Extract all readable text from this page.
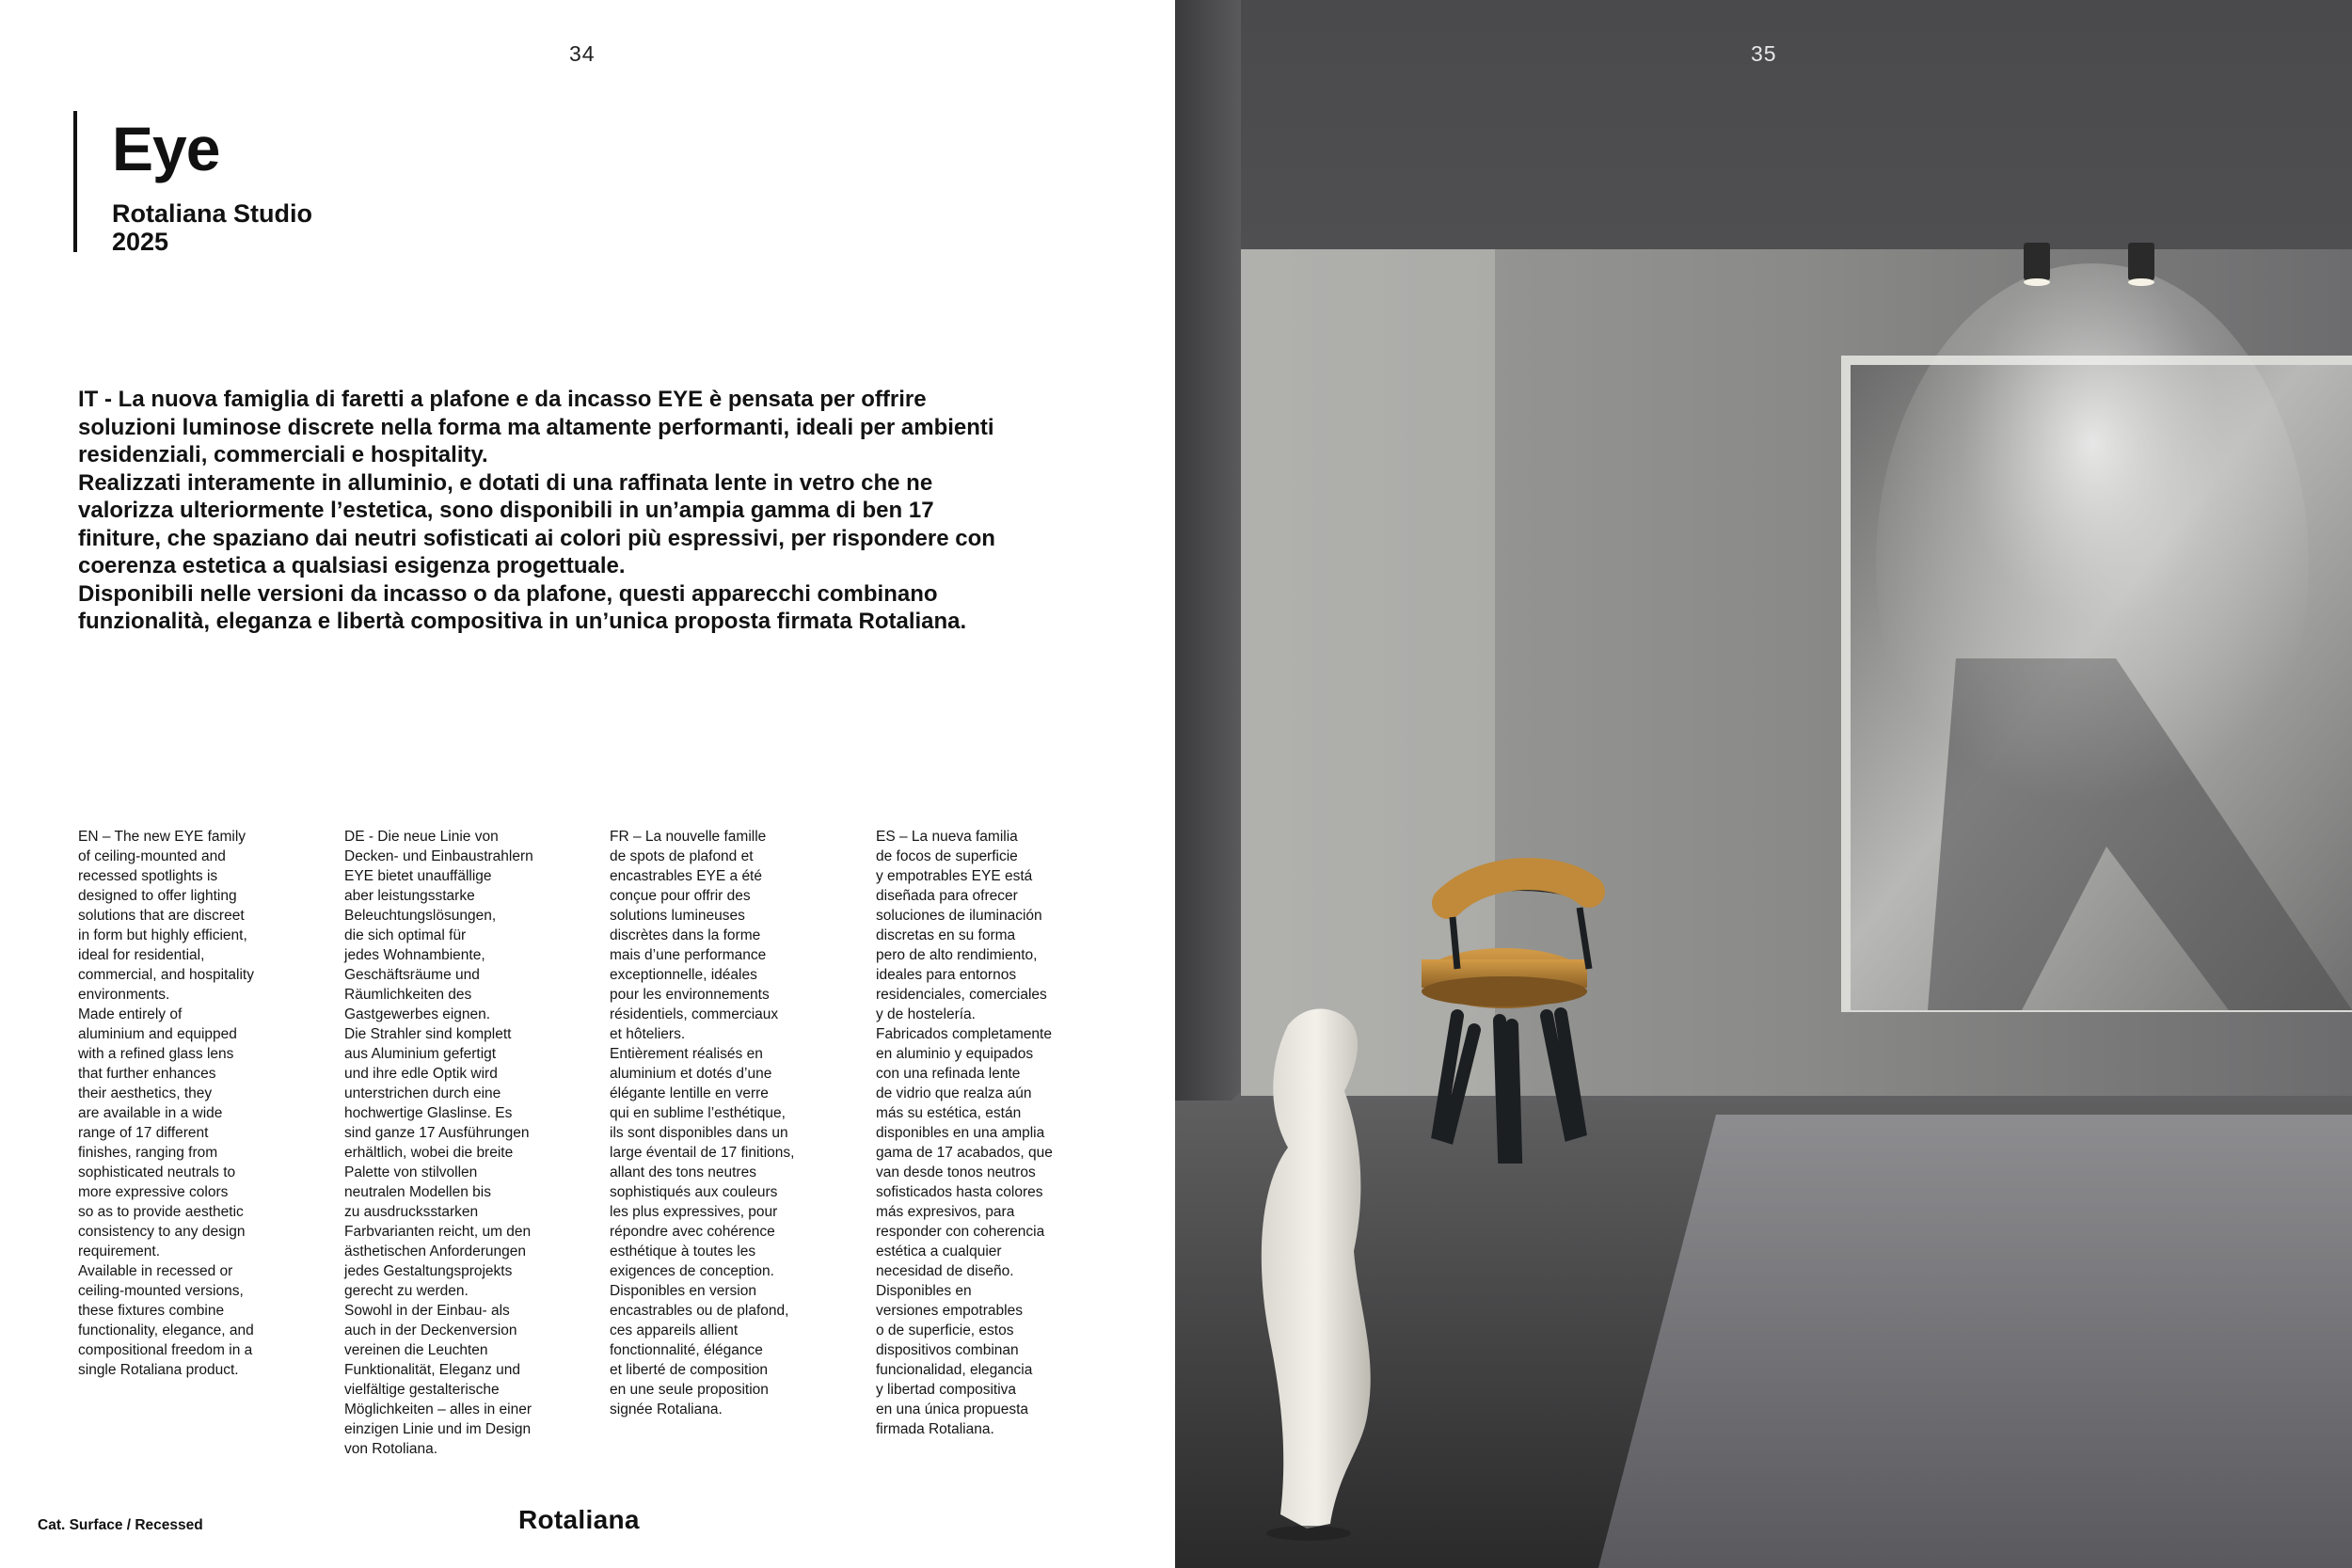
34
Eye
Rotaliana Studio
2025
IT - La nuova famiglia di faretti a plafone e da incasso EYE è pensata per offrire
soluzioni luminose discrete nella forma ma altamente performanti, ideali per ambienti
residenziali, commerciali e hospitality.
Realizzati interamente in alluminio, e dotati di una raffinata lente in vetro che ne
valorizza ulteriormente l’estetica, sono disponibili in un’ampia gamma di ben 17
finiture, che spaziano dai neutri sofisticati ai colori più espressivi, per rispondere con
coerenza estetica a qualsiasi esigenza progettuale.
Disponibili nelle versioni da incasso o da plafone, questi apparecchi combinano
funzionalità, eleganza e libertà compositiva in un’unica proposta firmata Rotaliana.
EN – The new EYE family
of ceiling-mounted and
recessed spotlights is
designed to offer lighting
solutions that are discreet
in form but highly efficient,
ideal for residential,
commercial, and hospitality
environments.
Made entirely of
aluminium and equipped
with a refined glass lens
that further enhances
their aesthetics, they
are available in a wide
range of 17 different
finishes, ranging from
sophisticated neutrals to
more expressive colors
so as to provide aesthetic
consistency to any design
requirement.
Available in recessed or
ceiling-mounted versions,
these fixtures combine
functionality, elegance, and
compositional freedom in a
single Rotaliana product.
DE - Die neue Linie von
Decken- und Einbaustrahlern
EYE bietet unauffällige
aber leistungsstarke
Beleuchtungslösungen,
die sich optimal für
jedes Wohnambiente,
Geschäftsräume und
Räumlichkeiten des
Gastgewerbes eignen.
Die Strahler sind komplett
aus Aluminium gefertigt
und ihre edle Optik wird
unterstrichen durch eine
hochwertige Glaslinse. Es
sind ganze 17 Ausführungen
erhältlich, wobei die breite
Palette von stilvollen
neutralen Modellen bis
zu ausdrucksstarken
Farbvarianten reicht, um den
ästhetischen Anforderungen
jedes Gestaltungsprojekts
gerecht zu werden.
Sowohl in der Einbau- als
auch in der Deckenversion
vereinen die Leuchten
Funktionalität, Eleganz und
vielfältige gestalterische
Möglichkeiten – alles in einer
einzigen Linie und im Design
von Rotoliana.
FR – La nouvelle famille
de spots de plafond et
encastrables EYE a été
conçue pour offrir des
solutions lumineuses
discrètes dans la forme
mais d’une performance
exceptionnelle, idéales
pour les environnements
résidentiels, commerciaux
et hôteliers.
Entièrement réalisés en
aluminium et dotés d’une
élégante lentille en verre
qui en sublime l’esthétique,
ils sont disponibles dans un
large éventail de 17 finitions,
allant des tons neutres
sophistiqués aux couleurs
les plus expressives, pour
répondre avec cohérence
esthétique à toutes les
exigences de conception.
Disponibles en version
encastrables ou de plafond,
ces appareils allient
fonctionnalité, élégance
et liberté de composition
en une seule proposition
signée Rotaliana.
ES – La nueva familia
de focos de superficie
y empotrables EYE está
diseñada para ofrecer
soluciones de iluminación
discretas en su forma
pero de alto rendimiento,
ideales para entornos
residenciales, comerciales
y de hostelería.
Fabricados completamente
en aluminio y equipados
con una refinada lente
de vidrio que realza aún
más su estética, están
disponibles en una amplia
gama de 17 acabados, que
van desde tonos neutros
sofisticados hasta colores
más expresivos, para
responder con coherencia
estética a cualquier
necesidad de diseño.
Disponibles en
versiones empotrables
o de superficie, estos
dispositivos combinan
funcionalidad, elegancia
y libertad compositiva
en una única propuesta
firmada Rotaliana.
Cat. Surface / Recessed	Rotaliana
35
